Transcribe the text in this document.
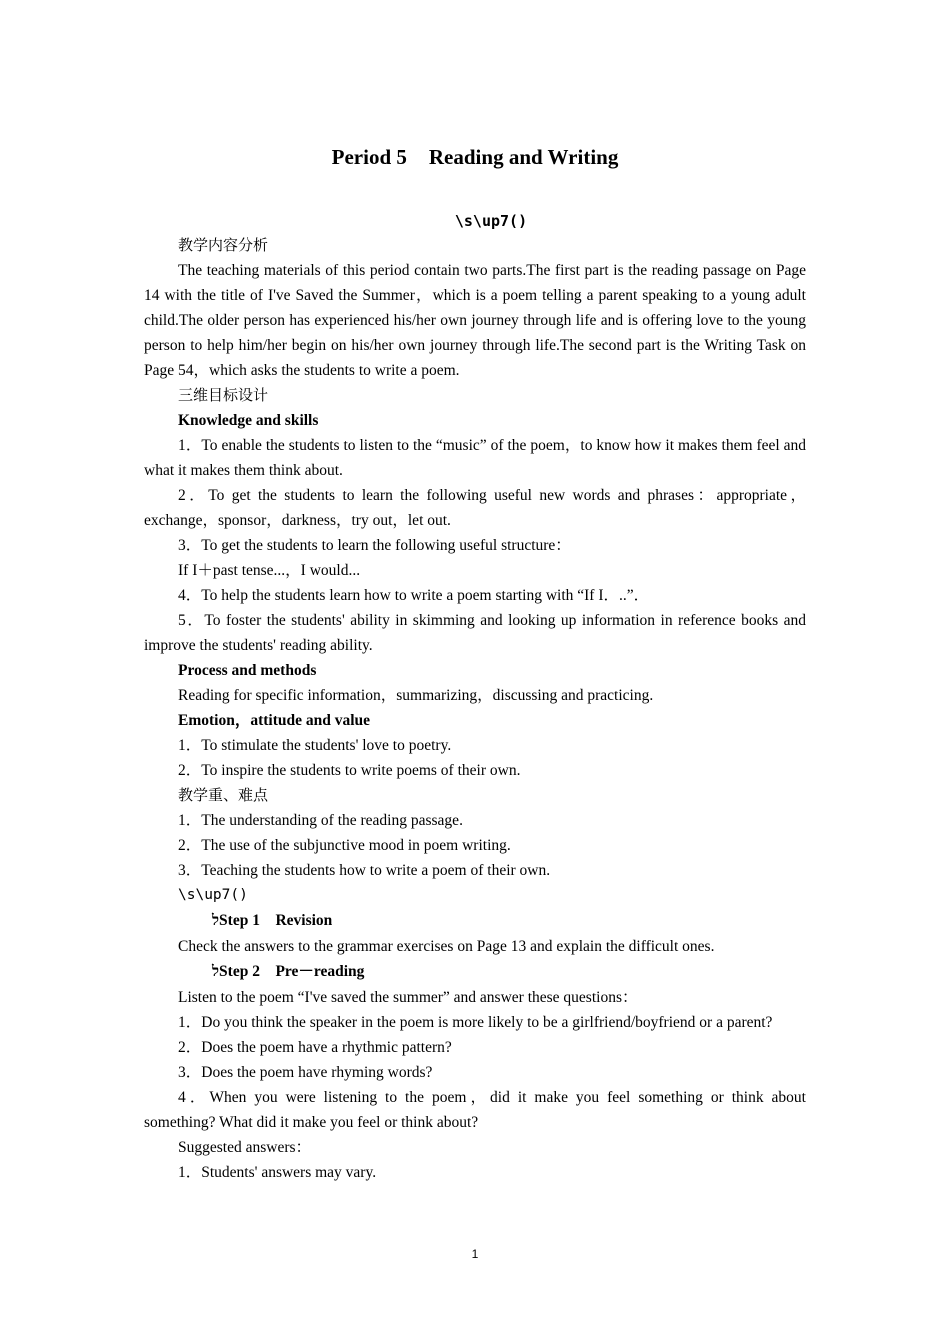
Period 5 Reading and Writing
\s\up7()

教学内容分析

The teaching materials of this period contain two parts.The first part is the reading passage on Page 14 with the title of I've Saved the Summer，which is a poem telling a parent speaking to a young adult child.The older person has experienced his/her own journey through life and is offering love to the young person to help him/her begin on his/her own journey through life.The second part is the Writing Task on Page 54，which asks the students to write a poem.

三维目标设计

Knowledge and skills

1．To enable the students to listen to the “music” of the poem，to know how it makes them feel and what it makes them think about.

2．To get the students to learn the following useful new words and phrases：appropriate，exchange，sponsor，darkness，try out，let out.

3．To get the students to learn the following useful structure：

If I＋past tense...，I would...

4．To help the students learn how to write a poem starting with “If I．..”．

5．To foster the students' ability in skimming and looking up information in reference books and improve the students' reading ability.

Process and methods

Reading for specific information，summarizing，discussing and practicing.

Emotion，attitude and value

1．To stimulate the students' love to poetry.

2．To inspire the students to write poems of their own.

教学重、难点

1．The understanding of the reading passage.

2．The use of the subjunctive mood in poem writing.

3．Teaching the students how to write a poem of their own.

\s\up7()

לStep 1　Revision

Check the answers to the grammar exercises on Page 13 and explain the difficult ones.

לStep 2　Pre－reading

Listen to the poem “I've saved the summer” and answer these questions：

1．Do you think the speaker in the poem is more likely to be a girlfriend/boyfriend or a parent?

2．Does the poem have a rhythmic pattern?

3．Does the poem have rhyming words?

4．When you were listening to the poem，did it make you feel something or think about something? What did it make you feel or think about?

Suggested answers：

1．Students' answers may vary.

1
